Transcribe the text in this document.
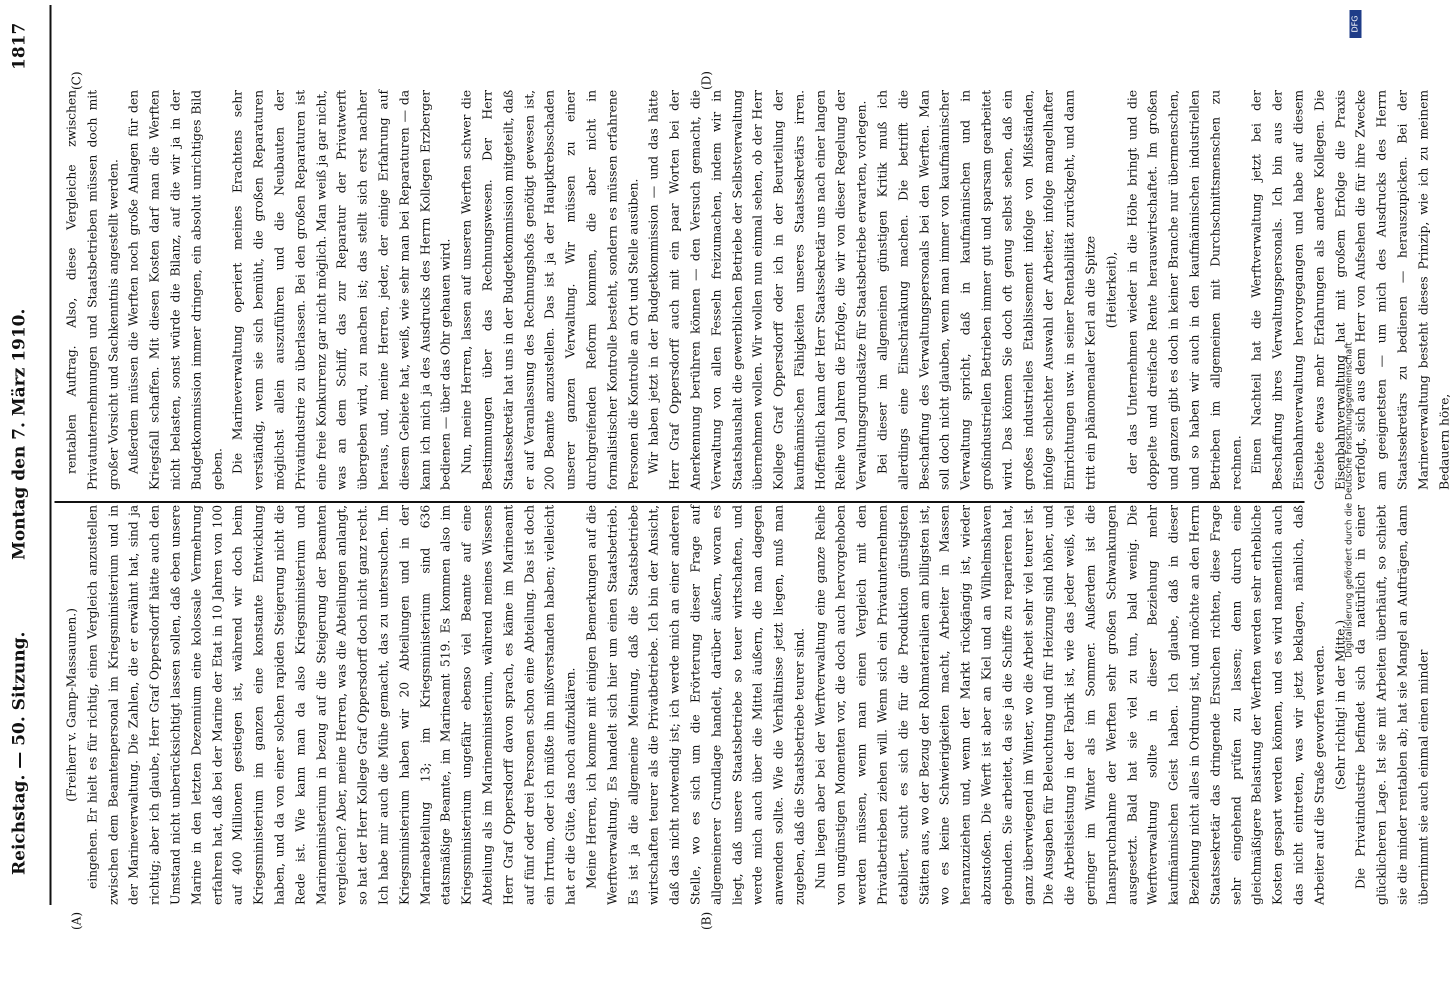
Reichstag. — 50. Sitzung.
Montag den 7. März 1910.
1817
(A)	(B)
(C)	(D)

(Freiherr v. Gamp-Massaunen.) eingehen. Er hielt es für richtig, einen Vergleich anzustellen zwischen dem Beamtenpersonal im Kriegsministerium und in der Marineverwaltung. Die Zahlen, die er erwähnt hat, sind ja richtig; aber ich glaube, Herr Graf Oppersdorff hätte auch den Umstand nicht unberücksichtigt lassen sollen, daß eben unsere Marine in den letzten Dezennium eine kolossale Vermehrung erfahren hat, daß bei der Marine der Etat in 10 Jahren von 100 auf 400 Millionen gestiegen ist, während wir doch beim Kriegsministerium im ganzen eine konstante Entwicklung haben, und da von einer solchen rapiden Steigerung nicht die Rede ist. Wie kann man da also Kriegsministerium und Marineministerium in bezug auf die Steigerung der Beamten vergleichen? Aber, meine Herren, was die Abteilungen anlangt, so hat der Herr Kollege Graf Oppersdorff doch nicht ganz recht. Ich habe mir auch die Mühe gemacht, das zu untersuchen. Im Kriegsministerium haben wir 20 Abteilungen und in der Marineabteilung 13; im Kriegsministerium sind 636 etatsmäßige Beamte, im Marineamt 519. Es kommen also im Kriegsministerium ungefähr ebenso viel Beamte auf eine Abteilung als im Marineministerium, während meines Wissens Herr Graf Oppersdorff davon sprach, es käme im Marineamt auf fünf oder drei Personen schon eine Abteilung. Das ist doch ein Irrtum, oder ich müßte ihn mißverstanden haben; vielleicht hat er die Güte, das noch aufzuklären. Meine Herren, ich komme mit einigen Bemerkungen auf die Werftverwaltung. Es handelt sich hier um einen Staatsbetrieb. Es ist ja die allgemeine Meinung, daß die Staatsbetriebe wirtschaften teurer als die Privatbetriebe. Ich bin der Ansicht, daß das nicht notwendig ist; ich werde mich an einer anderen Stelle, wo es sich um die Erörterung dieser Frage auf allgemeinerer Grundlage handelt, darüber äußern, woran es liegt, daß unsere Staatsbetriebe so teuer wirtschaften, und werde mich auch über die Mittel äußern, die man dagegen anwenden sollte. Wie die Verhältnisse jetzt liegen, muß man zugeben, daß die Staatsbetriebe teurer sind. Nun liegen aber bei der Werftverwaltung eine ganze Reihe von ungünstigen Momenten vor, die doch auch hervorgehoben werden müssen, wenn man einen Vergleich mit den Privatbetrieben ziehen will. Wenn sich ein Privatunternehmen etabliert, sucht es sich die für die Produktion günstigsten Stätten aus, wo der Bezug der Rohmaterialien am billigsten ist, wo es keine Schwierigkeiten macht, Arbeiter in Massen heranzuziehen und, wenn der Markt rückgängig ist, wieder abzustoßen. Die Werft ist aber an Kiel und an Wilhelmshaven gebunden. Sie arbeitet, da sie ja die Schiffe zu reparieren hat, ganz überwiegend im Winter, wo die Arbeit sehr viel teurer ist. Die Ausgaben für Beleuchtung und für Heizung sind höher, und die Arbeitsleistung in der Fabrik ist, wie das jeder weiß, viel geringer im Winter als im Sommer. Außerdem ist die Inanspruchnahme der Werften sehr großen Schwankungen ausgesetzt. Bald hat sie viel zu tun, bald wenig. Die Werftverwaltung sollte in dieser Beziehung mehr kaufmännischen Geist haben. Ich glaube, daß in dieser Beziehung nicht alles in Ordnung ist, und möchte an den Herrn Staatssekretär das dringende Ersuchen richten, diese Frage sehr eingehend prüfen zu lassen; denn durch eine gleichmäßigere Belastung der Werften werden sehr erhebliche Kosten gespart werden können, und es wird namentlich auch das nicht eintreten, was wir jetzt beklagen, nämlich, daß Arbeiter auf die Straße geworfen werden. (Sehr richtig! in der Mitte.) Die Privatindustrie befindet sich da natürlich in einer glücklicheren Lage. Ist sie mit Arbeiten überhäuft, so schiebt sie die minder rentablen ab; hat sie Mangel an Aufträgen, dann übernimmt sie auch einmal einen minder

rentablen Auftrag. Also, diese Vergleiche zwischen Privatunternehmungen und Staatsbetrieben müssen doch mit großer Vorsicht und Sachkenntnis angestellt werden. Außerdem müssen die Werften noch große Anlagen für den Kriegsfall schaffen. Mit diesen Kosten darf man die Werften nicht belasten, sonst würde die Bilanz, auf die wir ja in der Budgetkommission immer dringen, ein absolut unrichtiges Bild geben. Die Marineverwaltung operiert meines Erachtens sehr verständig, wenn sie sich bemüht, die großen Reparaturen möglichst allein auszuführen und die Neubauten der Privatindustrie zu überlassen. Bei den großen Reparaturen ist eine freie Konkurrenz gar nicht möglich. Man weiß ja gar nicht, was an dem Schiff, das zur Reparatur der Privatwerft übergeben wird, zu machen ist; das stellt sich erst nachher heraus, und, meine Herren, jeder, der einige Erfahrung auf diesem Gebiete hat, weiß, wie sehr man bei Reparaturen — da kann ich mich ja des Ausdrucks des Herrn Kollegen Erzberger bedienen — über das Ohr gehauen wird. Nun, meine Herren, lassen auf unseren Werften schwer die Bestimmungen über das Rechnungswesen. Der Herr Staatssekretär hat uns in der Budgetkommission mitgeteilt, daß er auf Veranlassung des Rechnungshofs genötigt gewesen ist, 200 Beamte anzustellen. Das ist ja der Hauptkrebsschaden unserer ganzen Verwaltung. Wir müssen zu einer durchgreifenden Reform kommen, die aber nicht in formalistischer Kontrolle besteht, sondern es müssen erfahrene Personen die Kontrolle an Ort und Stelle ausüben. Wir haben jetzt in der Budgetkommission — und das hätte Herr Graf Oppersdorff auch mit ein paar Worten bei der Anerkennung berühren können — den Versuch gemacht, die Verwaltung von allen Fesseln freizumachen, indem wir in Staatshaushalt die gewerblichen Betriebe der Selbstverwaltung übernehmen wollen. Wir wollen nun einmal sehen, ob der Herr Kollege Graf Oppersdorff oder ich in der Beurteilung der kaufmännischen Fähigkeiten unseres Staatssekretärs irren. Hoffentlich kann der Herr Staatssekretär uns nach einer langen Reihe von Jahren die Erfolge, die wir von dieser Regelung der Verwaltungsgrundsätze für Staatsbetriebe erwarten, vorlegen. Bei dieser im allgemeinen günstigen Kritik muß ich allerdings eine Einschränkung machen. Die betrifft die Beschaffung des Verwaltungspersonals bei den Werften. Man soll doch nicht glauben, wenn man immer von kaufmännischer Verwaltung spricht, daß in kaufmännischen und in großindustriellen Betrieben immer gut und sparsam gearbeitet wird. Das können Sie doch oft genug selbst sehen, daß ein großes industrielles Etablissement infolge von Mißständen, infolge schlechter Auswahl der Arbeiter, infolge mangelhafter Einrichtungen usw. in seiner Rentabilität zurückgeht, und dann tritt ein phänomenaler Kerl an die Spitze (Heiterkeit), der das Unternehmen wieder in die Höhe bringt und die doppelte und dreifache Rente herauswirtschaftet. Im großen und ganzen gibt es doch in keiner Branche nur übermenschen, und so haben wir auch in den kaufmännischen industriellen Betrieben im allgemeinen mit Durchschnittsmenschen zu rechnen. Einen Nachteil hat die Werftverwaltung jetzt bei der Beschaffung ihres Verwaltungspersonals. Ich bin aus der Eisenbahnverwaltung hervorgegangen und habe auf diesem Gebiete etwas mehr Erfahrungen als andere Kollegen. Die Eisenbahnverwaltung hat mit großem Erfolge die Praxis verfolgt, sich aus dem Herr von Aufsehen die für ihre Zwecke am geeignetsten — um mich des Ausdrucks des Herrn Staatssekretärs zu bedienen — herauszupicken. Bei der Marineverwaltung besteht dieses Prinzip, wie ich zu meinem Bedauern höre,

Digitalisierung gefördert durch die Deutsche Forschungsgemeinschaft
DFG
